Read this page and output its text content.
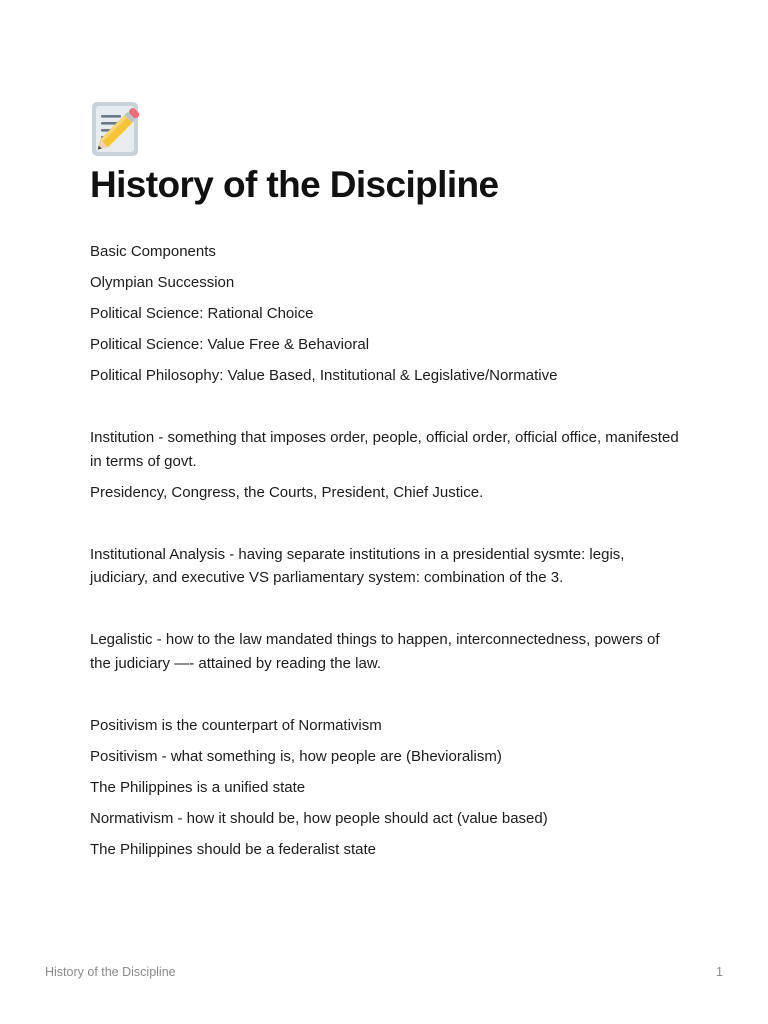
History of the Discipline

Basic Components

Olympian Succession

Political Science: Rational Choice

Political Science: Value Free & Behavioral

Political Philosophy: Value Based, Institutional & Legislative/Normative

Institution - something that imposes order, people, official order, official office, manifested in terms of govt.

Presidency, Congress, the Courts, President, Chief Justice.

Institutional Analysis - having separate institutions in a presidential sysmte: legis, judiciary, and executive VS parliamentary system: combination of the 3.

Legalistic - how to the law mandated things to happen, interconnectedness, powers of the judiciary —- attained by reading the law.

Positivism is the counterpart of Normativism

Positivism - what something is, how people are (Bhevioralism)

The Philippines is a unified state

Normativism - how it should be, how people should act (value based)

The Philippines should be a federalist state

History of the Discipline	1
